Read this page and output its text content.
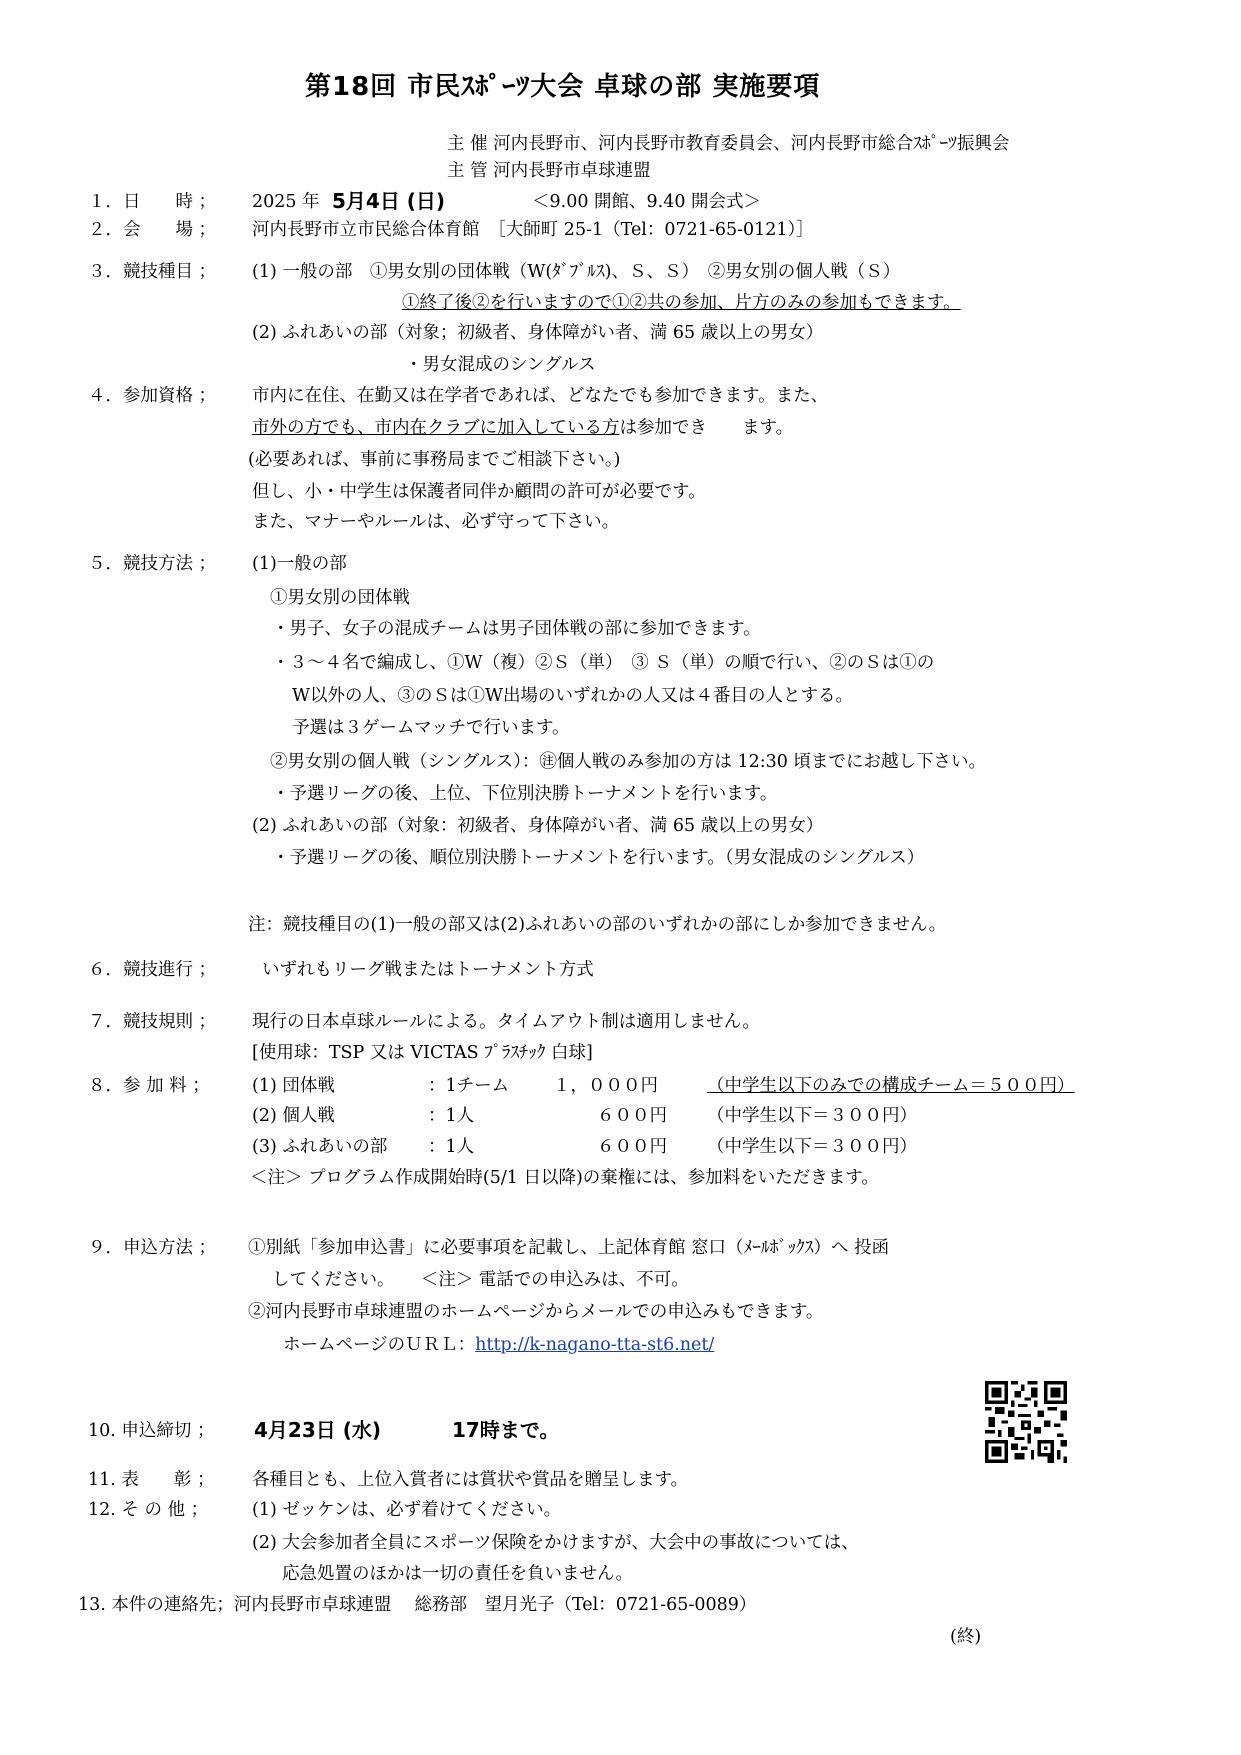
第18回 市民ｽﾎﾟｰﾂ大会 卓球の部 実施要項
主 催 河内長野市、河内長野市教育委員会、河内長野市総合ｽﾎﾟｰﾂ振興会
主 管 河内長野市卓球連盟
１．日　　時 ； 2025 年 5月4日 (日)	＜9.00 開館、9.40 開会式＞
２．会　　場 ； 河内長野市立市民総合体育館　［大師町 25-1（Tel：0721-65-0121）］
３．競技種目 ； (1) 一般の部　①男女別の団体戦（W(ﾀﾞﾌﾞﾙｽ)、Ｓ、Ｓ）　②男女別の個人戦（Ｓ）
①終了後②を行いますので①②共の参加、片方のみの参加もできます。
(2) ふれあいの部（対象；初級者、身体障がい者、満 65 歳以上の男女）
・男女混成のシングルス
４．参加資格 ； 市内に在住、在勤又は在学者であれば、どなたでも参加できます。また、
市外の方でも、市内在クラブに加入している方は参加でき　　ます。
(必要あれば、事前に事務局までご相談下さい。)
但し、小・中学生は保護者同伴か顧問の許可が必要です。
また、マナーやルールは、必ず守って下さい。
５．競技方法 ； (1)一般の部
①男女別の団体戦
・男子、女子の混成チームは男子団体戦の部に参加できます。
・３～４名で編成し、①W（複）②Ｓ（単）　③ Ｓ（単）の順で行い、②のＳは①の
W以外の人、③のＳは①W出場のいずれかの人又は４番目の人とする。
予選は３ゲームマッチで行います。
②男女別の個人戦（シングルス）：㊟個人戦のみ参加の方は 12:30 頃までにお越し下さい。
・予選リーグの後、上位、下位別決勝トーナメントを行います。
(2) ふれあいの部（対象：初級者、身体障がい者、満 65 歳以上の男女）
・予選リーグの後、順位別決勝トーナメントを行います。（男女混成のシングルス）
注：競技種目の(1)一般の部又は(2)ふれあいの部のいずれかの部にしか参加できません。
６．競技進行 ；	いずれもリーグ戦またはトーナメント方式
７．競技規則 ； 現行の日本卓球ルールによる。タイムアウト制は適用しません。
[使用球：TSP 又は VICTAS ﾌﾟﾗｽﾁｯｸ 白球]
８．参 加 料 ； (1) 団体戦	：1チーム	１，０００円	（中学生以下のみでの構成チーム＝５００円）
(2) 個人戦	：1人	６００円 （中学生以下＝３００円）
(3) ふれあいの部 ：1人	６００円 （中学生以下＝３００円）
＜注＞ プログラム作成開始時(5/1 日以降)の棄権には、参加料をいただきます。
９．申込方法 ； ①別紙「参加申込書」に必要事項を記載し、上記体育館 窓口（ﾒｰﾙﾎﾞｯｸｽ）へ 投函
してください。　　＜注＞ 電話での申込みは、不可。
②河内長野市卓球連盟のホームページからメールでの申込みもできます。
ホームページのＵＲＬ：http://k-nagano-tta-st6.net/
10. 申込締切 ； 4月23日 (水)	17時まで。
11. 表　　彰 ； 各種目とも、上位入賞者には賞状や賞品を贈呈します。
12. そ の 他 ；	(1) ゼッケンは、必ず着けてください。
(2) 大会参加者全員にスポーツ保険をかけますが、大会中の事故については、
応急処置のほかは一切の責任を負いません。
13. 本件の連絡先；河内長野市卓球連盟　 総務部　望月光子（Tel：0721-65-0089）
(終)
